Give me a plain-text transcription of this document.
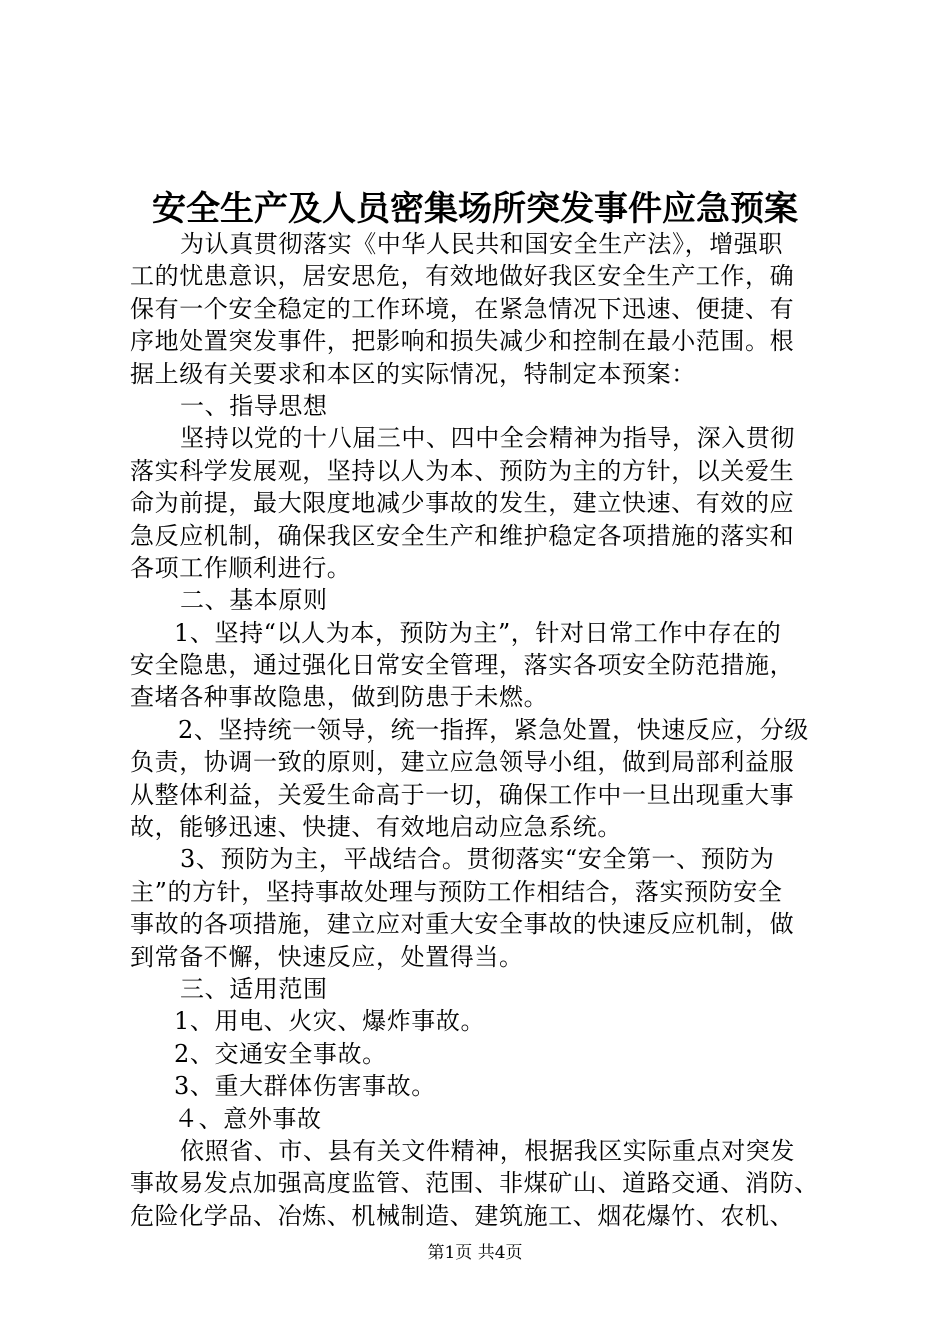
安全生产及人员密集场所突发事件应急预案
为认真贯彻落实《中华人民共和国安全生产法》，增强职
工的忧患意识，居安思危，有效地做好我区安全生产工作，确
保有一个安全稳定的工作环境，在紧急情况下迅速、便捷、有
序地处置突发事件，把影响和损失减少和控制在最小范围。根
据上级有关要求和本区的实际情况，特制定本预案：
一、指导思想
坚持以党的十八届三中、四中全会精神为指导，深入贯彻
落实科学发展观，坚持以人为本、预防为主的方针，以关爱生
命为前提，最大限度地减少事故的发生，建立快速、有效的应
急反应机制，确保我区安全生产和维护稳定各项措施的落实和
各项工作顺利进行。
二、基本原则
1、坚持“以人为本，预防为主”，针对日常工作中存在的
安全隐患，通过强化日常安全管理，落实各项安全防范措施，
查堵各种事故隐患，做到防患于未燃。
2、坚持统一领导，统一指挥，紧急处置，快速反应，分级
负责，协调一致的原则，建立应急领导小组，做到局部利益服
从整体利益，关爱生命高于一切，确保工作中一旦出现重大事
故，能够迅速、快捷、有效地启动应急系统。
3、预防为主，平战结合。贯彻落实“安全第一、预防为
主”的方针，坚持事故处理与预防工作相结合，落实预防安全
事故的各项措施，建立应对重大安全事故的快速反应机制，做
到常备不懈，快速反应，处置得当。
三、适用范围
1、用电、火灾、爆炸事故。
2、交通安全事故。
3、重大群体伤害事故。
４、意外事故
依照省、市、县有关文件精神，根据我区实际重点对突发
事故易发点加强高度监管、范围、非煤矿山、道路交通、消防、
危险化学品、冶炼、机械制造、建筑施工、烟花爆竹、农机、
第1页 共4页
